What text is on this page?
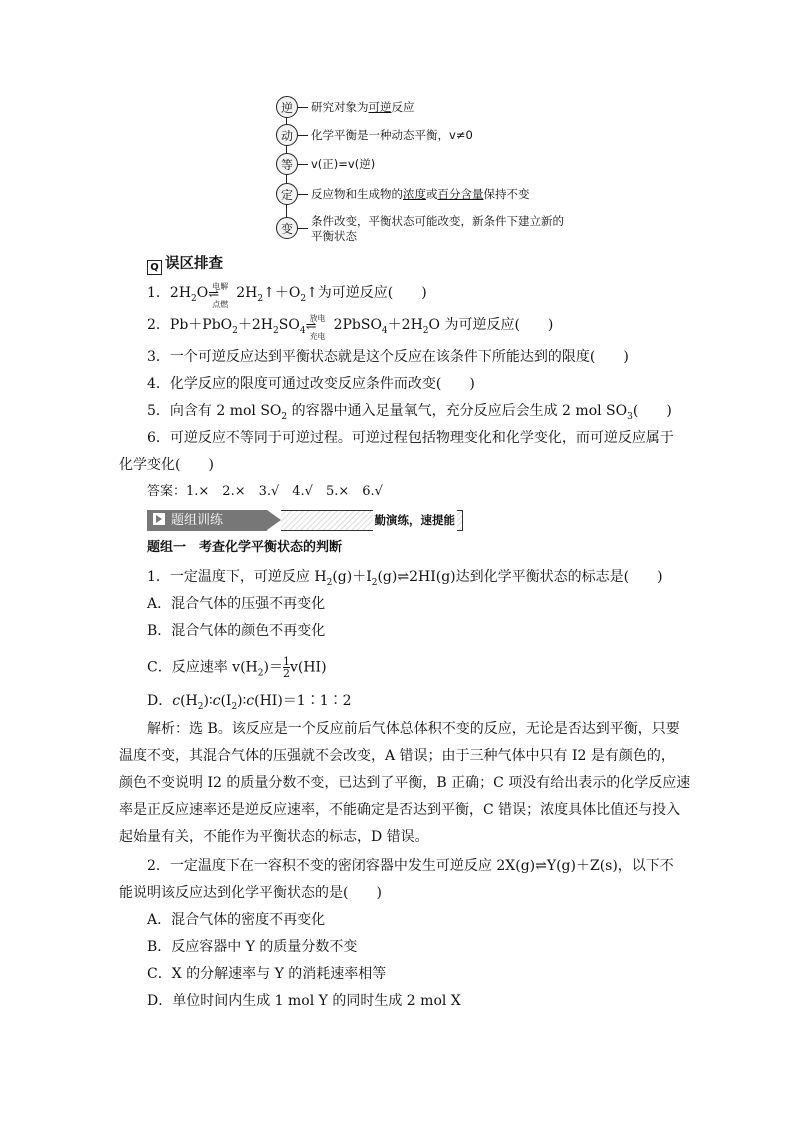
逆	研究对象为可逆反应
动	化学平衡是一种动态平衡，v≠0
等	v(正)=v(逆)
定	反应物和生成物的浓度或百分含量保持不变
变
条件改变，平衡状态可能改变，新条件下建立新的
平衡状态
Q 误区排查
1．$2H_2O$ 电解
⇌
点燃
$2H_2↑+O_2↑$为可逆反应(　　)
2．$Pb+PbO_2+2H_2SO_4$
放电
⇌
充电
$2PbSO_4+2H_2O$ 为可逆反应(　　)
3．一个可逆反应达到平衡状态就是这个反应在该条件下所能达到的限度(　　)
4．化学反应的限度可通过改变反应条件而改变(　　)
5．向含有 2 mol $SO_2$ 的容器中通入足量氧气，充分反应后会生成 2 mol $SO_3$(　　)
6．可逆反应不等同于可逆过程。可逆过程包括物理变化和化学变化，而可逆反应属于
化学变化(　　)
答案：1.×　2.×　3.√　4.√　5.×　6.√
题组训练	勤演练，速提能
题组一　考查化学平衡状态的判断
1．一定温度下，可逆反应 $H_2(g)+I_2(g)\rightleftharpoons 2HI(g)$达到化学平衡状态的标志是(　　)
A．混合气体的压强不再变化
B．混合气体的颜色不再变化
C．反应速率 $v(H_2)= \frac{1}{2} v(HI)$
D．$c(H_2)∶c(I_2)∶c(HI)=1∶1∶2$
解析：选 B。该反应是一个反应前后气体总体积不变的反应，无论是否达到平衡，只要
温度不变，其混合气体的压强就不会改变，A 错误；由于三种气体中只有 I2 是有颜色的，
颜色不变说明 I2 的质量分数不变，已达到了平衡，B 正确；C 项没有给出表示的化学反应速
率是正反应速率还是逆反应速率，不能确定是否达到平衡，C 错误；浓度具体比值还与投入
起始量有关，不能作为平衡状态的标志，D 错误。
2．一定温度下在一容积不变的密闭容器中发生可逆反应 2X(g)⇌Y(g)＋Z(s)，以下不
能说明该反应达到化学平衡状态的是(　　)
A．混合气体的密度不再变化
B．反应容器中 Y 的质量分数不变
C．X 的分解速率与 Y 的消耗速率相等
D．单位时间内生成 1 mol Y 的同时生成 2 mol X
